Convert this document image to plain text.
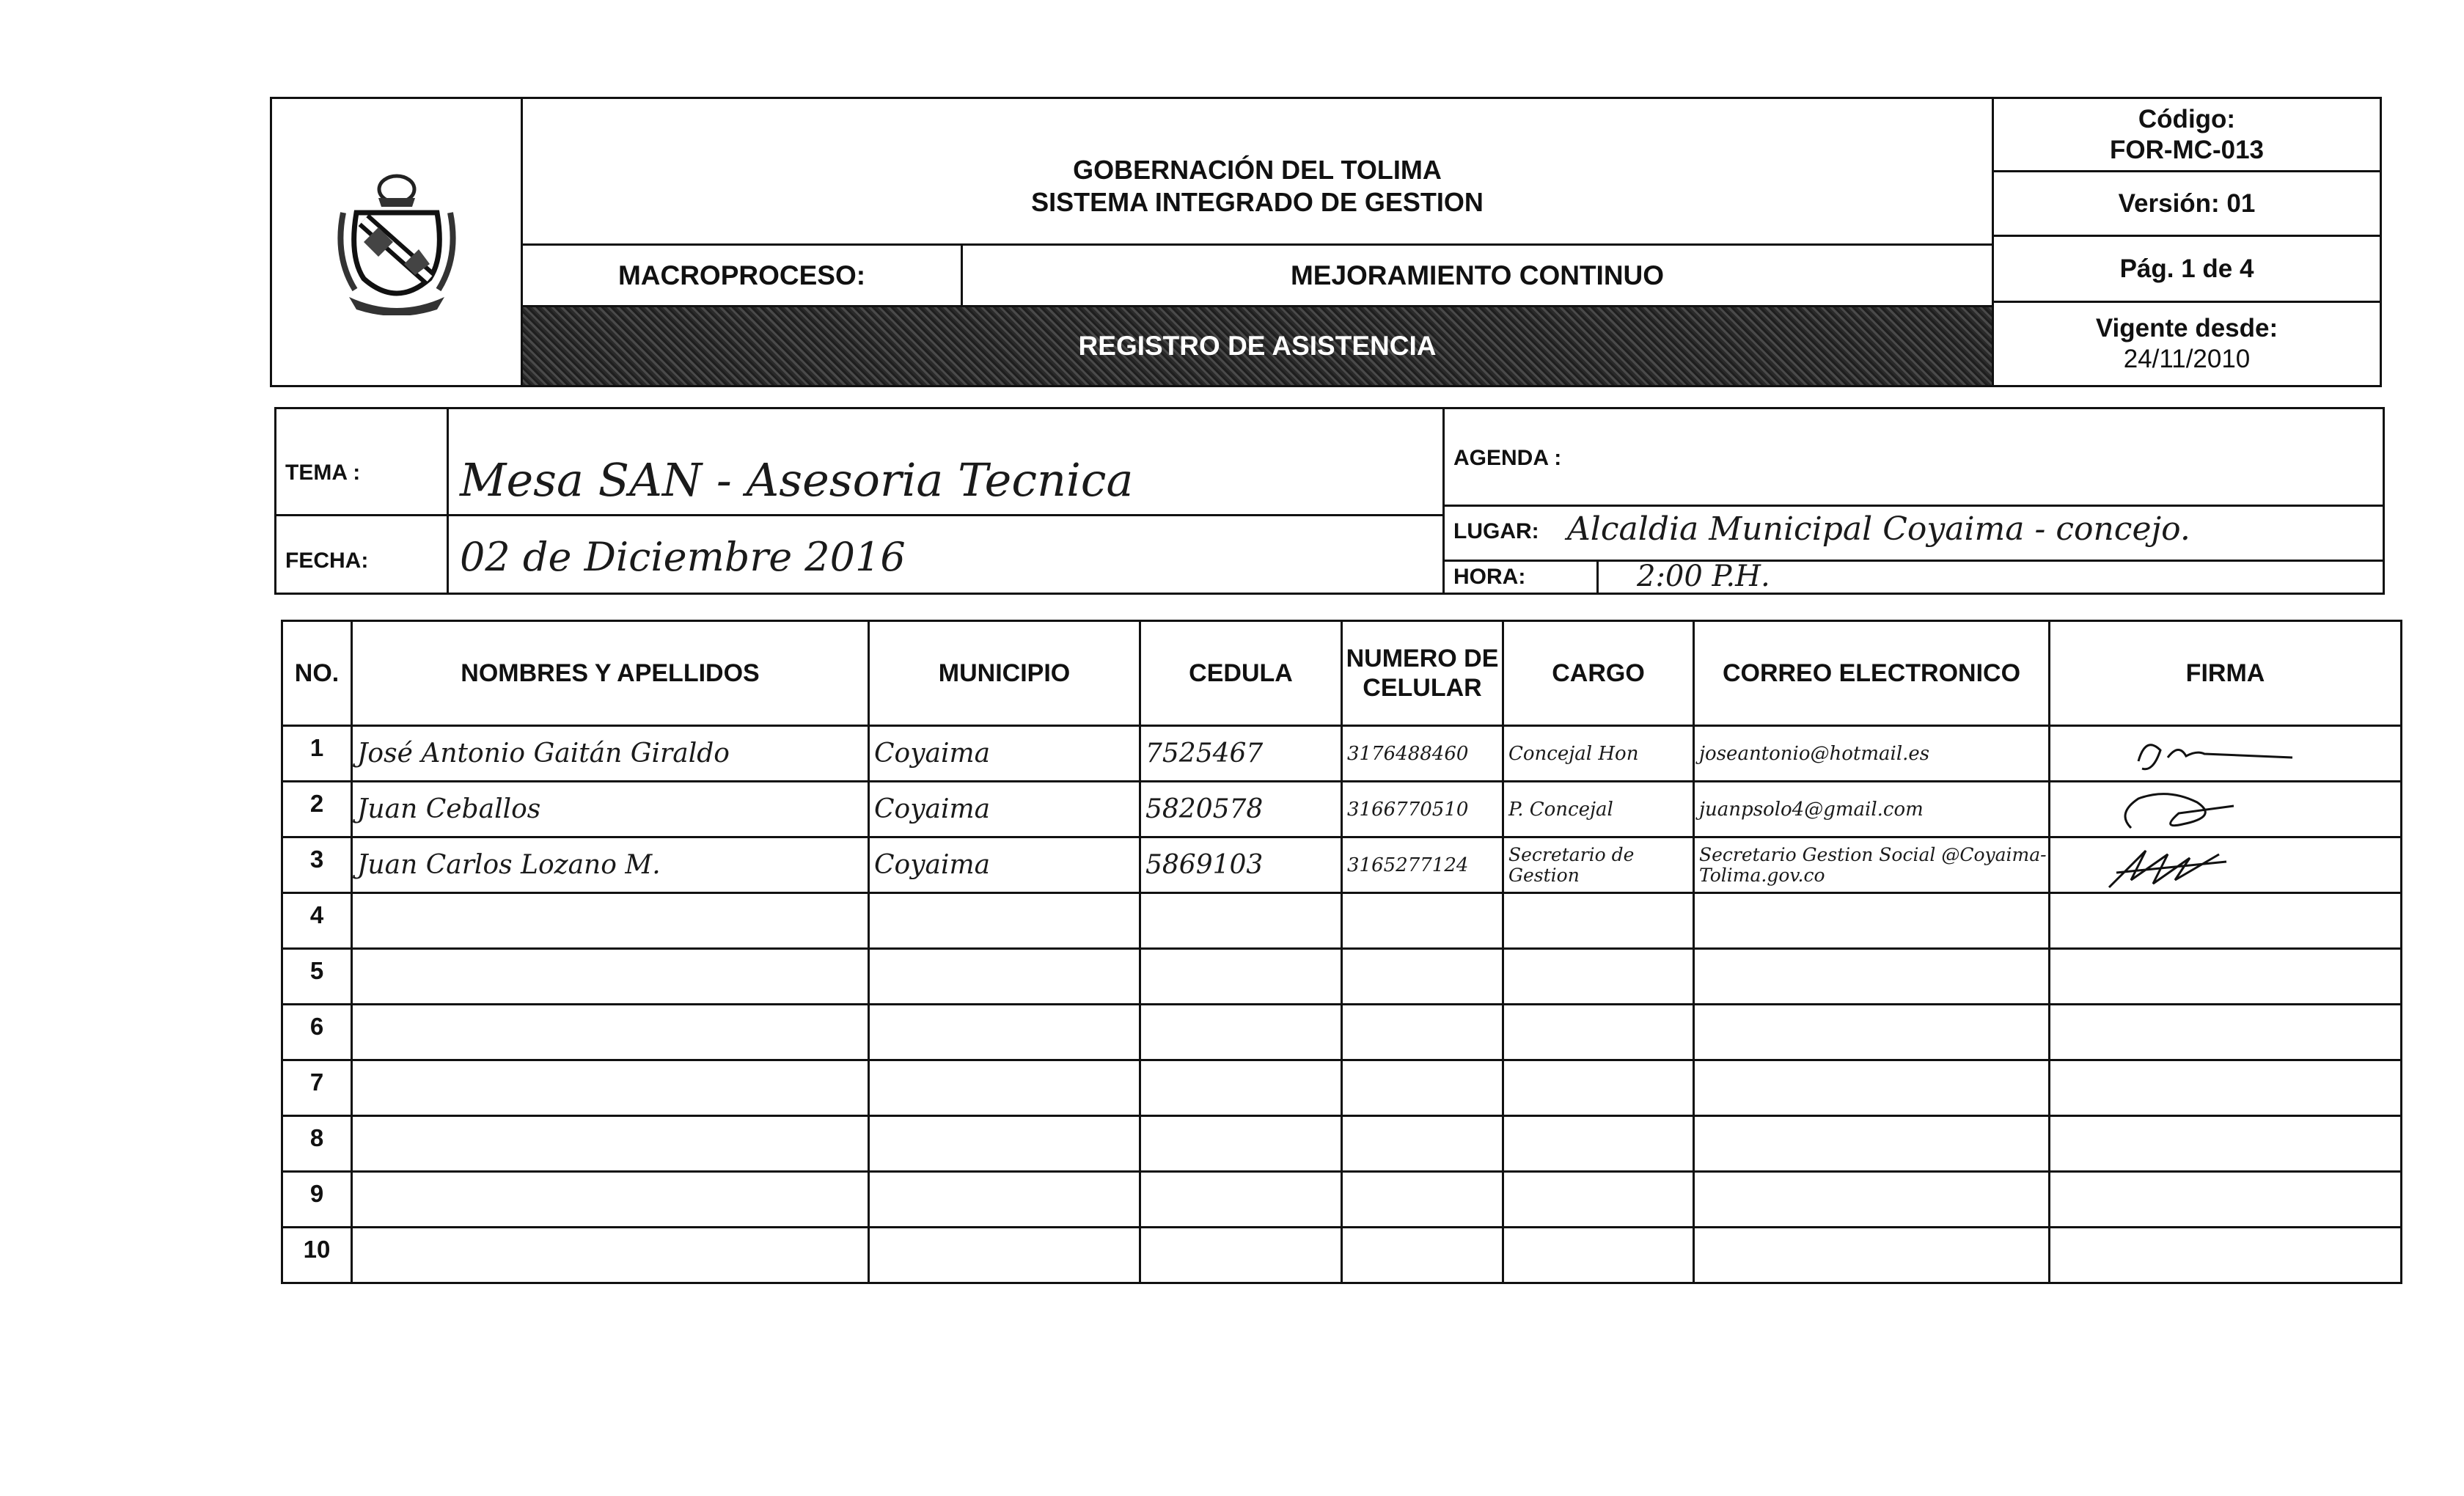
GOBERNACIÓN DEL TOLIMA
SISTEMA INTEGRADO DE GESTION
MACROPROCESO:	MEJORAMIENTO CONTINUO
REGISTRO DE ASISTENCIA
Código:
FOR-MC-013
Versión: 01
Pág. 1 de 4
Vigente desde:
24/11/2010
TEMA : Mesa SAN - Asesoria Tecnica
FECHA: 02 de Diciembre 2016
AGENDA :
LUGAR: Alcaldia Municipal Coyaima - concejo.
HORA:	2:00 P.H.
NO.	NOMBRES Y APELLIDOS	MUNICIPIO	CEDULA	NUMERO DE CELULAR	CARGO	CORREO ELECTRONICO	FIRMA
1	José Antonio Gaitán Giraldo	Coyaima	7525467	3176488460	Concejal Hon	joseantonio@hotmail.es

2	Juan Ceballos	Coyaima	5820578	3166770510	P. Concejal	juanpsolo4@gmail.com

3	Juan Carlos Lozano M.	Coyaima	5869103	3165277124	Secretario de Gestion	Secretario Gestion Social @Coyaima-Tolima.gov.co

4							
5							
6							
7							
8							
9							
10							
